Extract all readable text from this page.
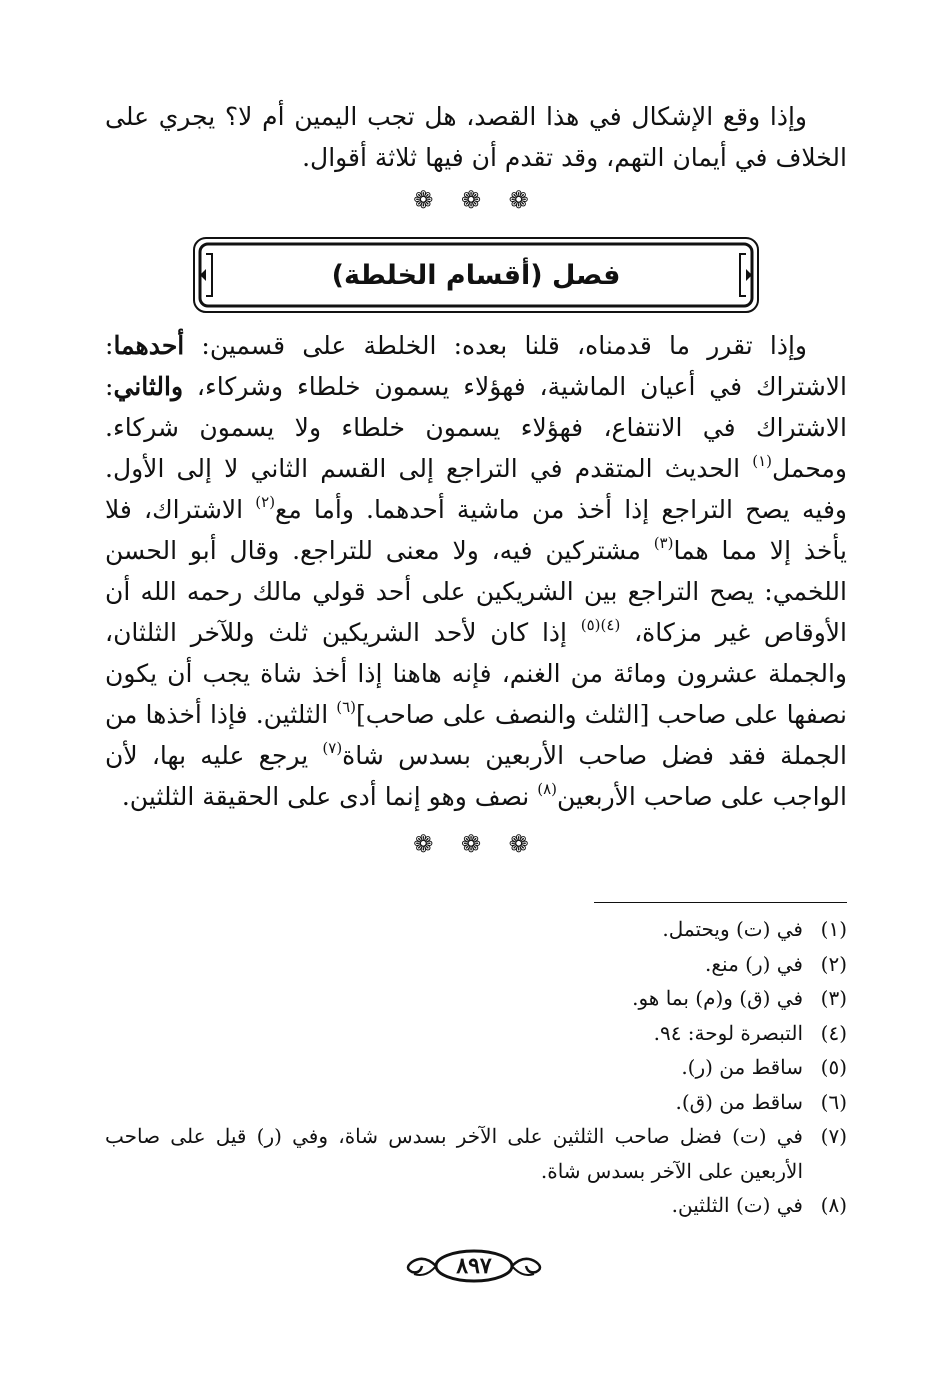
وإذا وقع الإشكال في هذا القصد، هل تجب اليمين أم لا؟ يجري على الخلاف في أيمان التهم، وقد تقدم أن فيها ثلاثة أقوال.

❁ ❁ ❁
فصل (أقسام الخلطة)

وإذا تقرر ما قدمناه، قلنا بعده: الخلطة على قسمين: أحدهما: الاشتراك في أعيان الماشية، فهؤلاء يسمون خلطاء وشركاء، والثاني: الاشتراك في الانتفاع، فهؤلاء يسمون خلطاء ولا يسمون شركاء. ومحمل$^{(١)}$ الحديث المتقدم في التراجع إلى القسم الثاني لا إلى الأول. وفيه يصح التراجع إذا أخذ من ماشية أحدهما. وأما مع$^{(٢)}$ الاشتراك، فلا يأخذ إلا مما هما$^{(٣)}$ مشتركين فيه، ولا معنى للتراجع. وقال أبو الحسن اللخمي: يصح التراجع بين الشريكين على أحد قولي مالك رحمه الله أن الأوقاص غير مزكاة، $^{(٤)(٥)}$ إذا كان لأحد الشريكين ثلث وللآخر الثلثان، والجملة عشرون ومائة من الغنم، فإنه هاهنا إذا أخذ شاة يجب أن يكون نصفها على صاحب [الثلث والنصف على صاحب]$^{(٦)}$ الثلثين. فإذا أخذها من الجملة فقد فضل صاحب الأربعين بسدس شاة$^{(٧)}$ يرجع عليه بها، لأن الواجب على صاحب الأربعين$^{(٨)}$ نصف وهو إنما أدى على الحقيقة الثلثين.

❁ ❁ ❁
(١)
في (ت) ويحتمل.
(٢)
في (ر) منع.
(٣)
في (ق) و(م) بما هو.
(٤)
التبصرة لوحة: ٩٤.
(٥)
ساقط من (ر).
(٦)
ساقط من (ق).
(٧)
في (ت) فضل صاحب الثلثين على الآخر بسدس شاة، وفي (ر) قيل على صاحب الأربعين على الآخر بسدس شاة.
(٨)
في (ت) الثلثين.
٨٩٧
